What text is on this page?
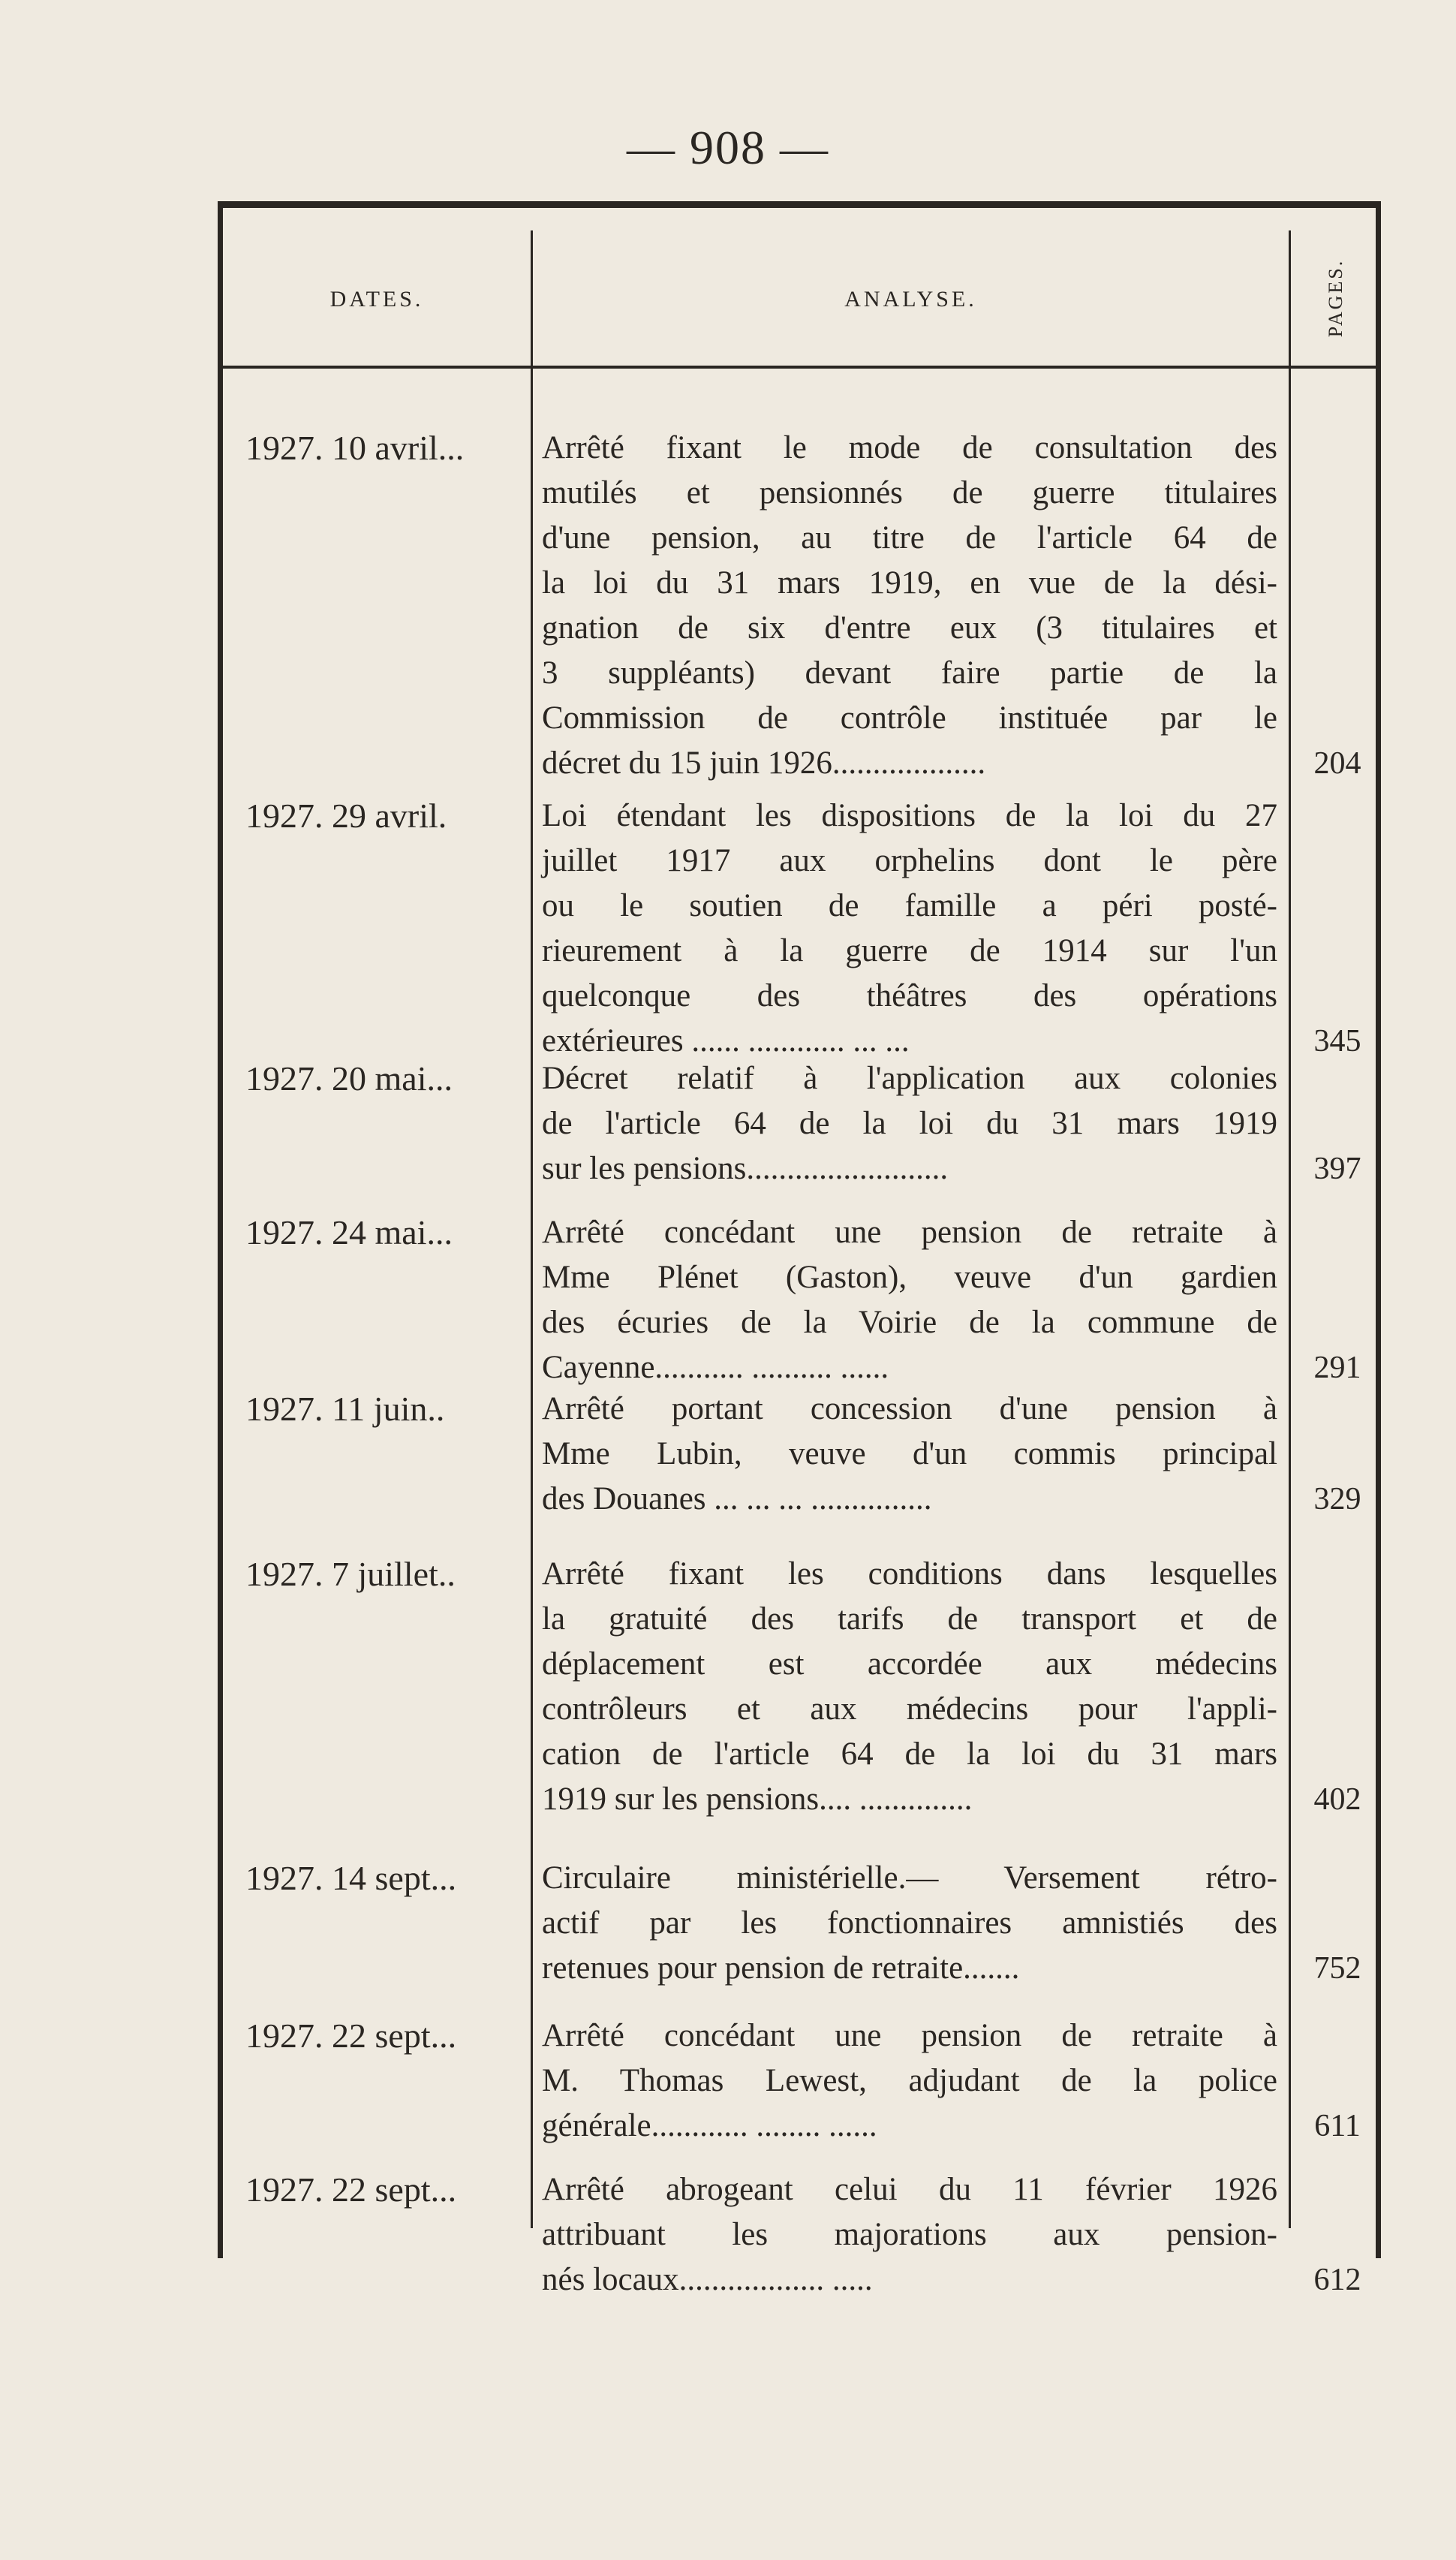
— 908 —
DATES.	ANALYSE.	PAGES.
1927. 10 avril...	Arrêté fixant le mode de consultation des
mutilés et pensionnés de guerre titulaires
d'une pension, au titre de l'article 64 de
la loi du 31 mars 1919, en vue de la dési-
gnation de six d'entre eux (3 titulaires et
3 suppléants) devant faire partie de la
Commission de contrôle instituée par le
décret du 15 juin 1926...................	204
1927. 29 avril.	Loi étendant les dispositions de la loi du 27
juillet 1917 aux orphelins dont le père
ou le soutien de famille a péri posté-
rieurement à la guerre de 1914 sur l'un
quelconque des théâtres des opérations
extérieures ...... ............ ... ...	345
1927. 20 mai...	Décret relatif à l'application aux colonies
de l'article 64 de la loi du 31 mars 1919
sur les pensions.........................	397
1927. 24 mai...	Arrêté concédant une pension de retraite à
Mme Plénet (Gaston), veuve d'un gardien
des écuries de la Voirie de la commune de
Cayenne........... .......... ......	291
1927. 11 juin..	Arrêté portant concession d'une pension à
Mme Lubin, veuve d'un commis principal
des Douanes ... ... ... ...............	329
1927. 7 juillet..	Arrêté fixant les conditions dans lesquelles
la gratuité des tarifs de transport et de
déplacement est accordée aux médecins
contrôleurs et aux médecins pour l'appli-
cation de l'article 64 de la loi du 31 mars
1919 sur les pensions.... ..............	402
1927. 14 sept...	Circulaire ministérielle.— Versement rétro-
actif par les fonctionnaires amnistiés des
retenues pour pension de retraite.......	752
1927. 22 sept...	Arrêté concédant une pension de retraite à
M. Thomas Lewest, adjudant de la police
générale............ ........ ......	611
1927. 22 sept...	Arrêté abrogeant celui du 11 février 1926
attribuant les majorations aux pension-
nés locaux.................. .....	612
